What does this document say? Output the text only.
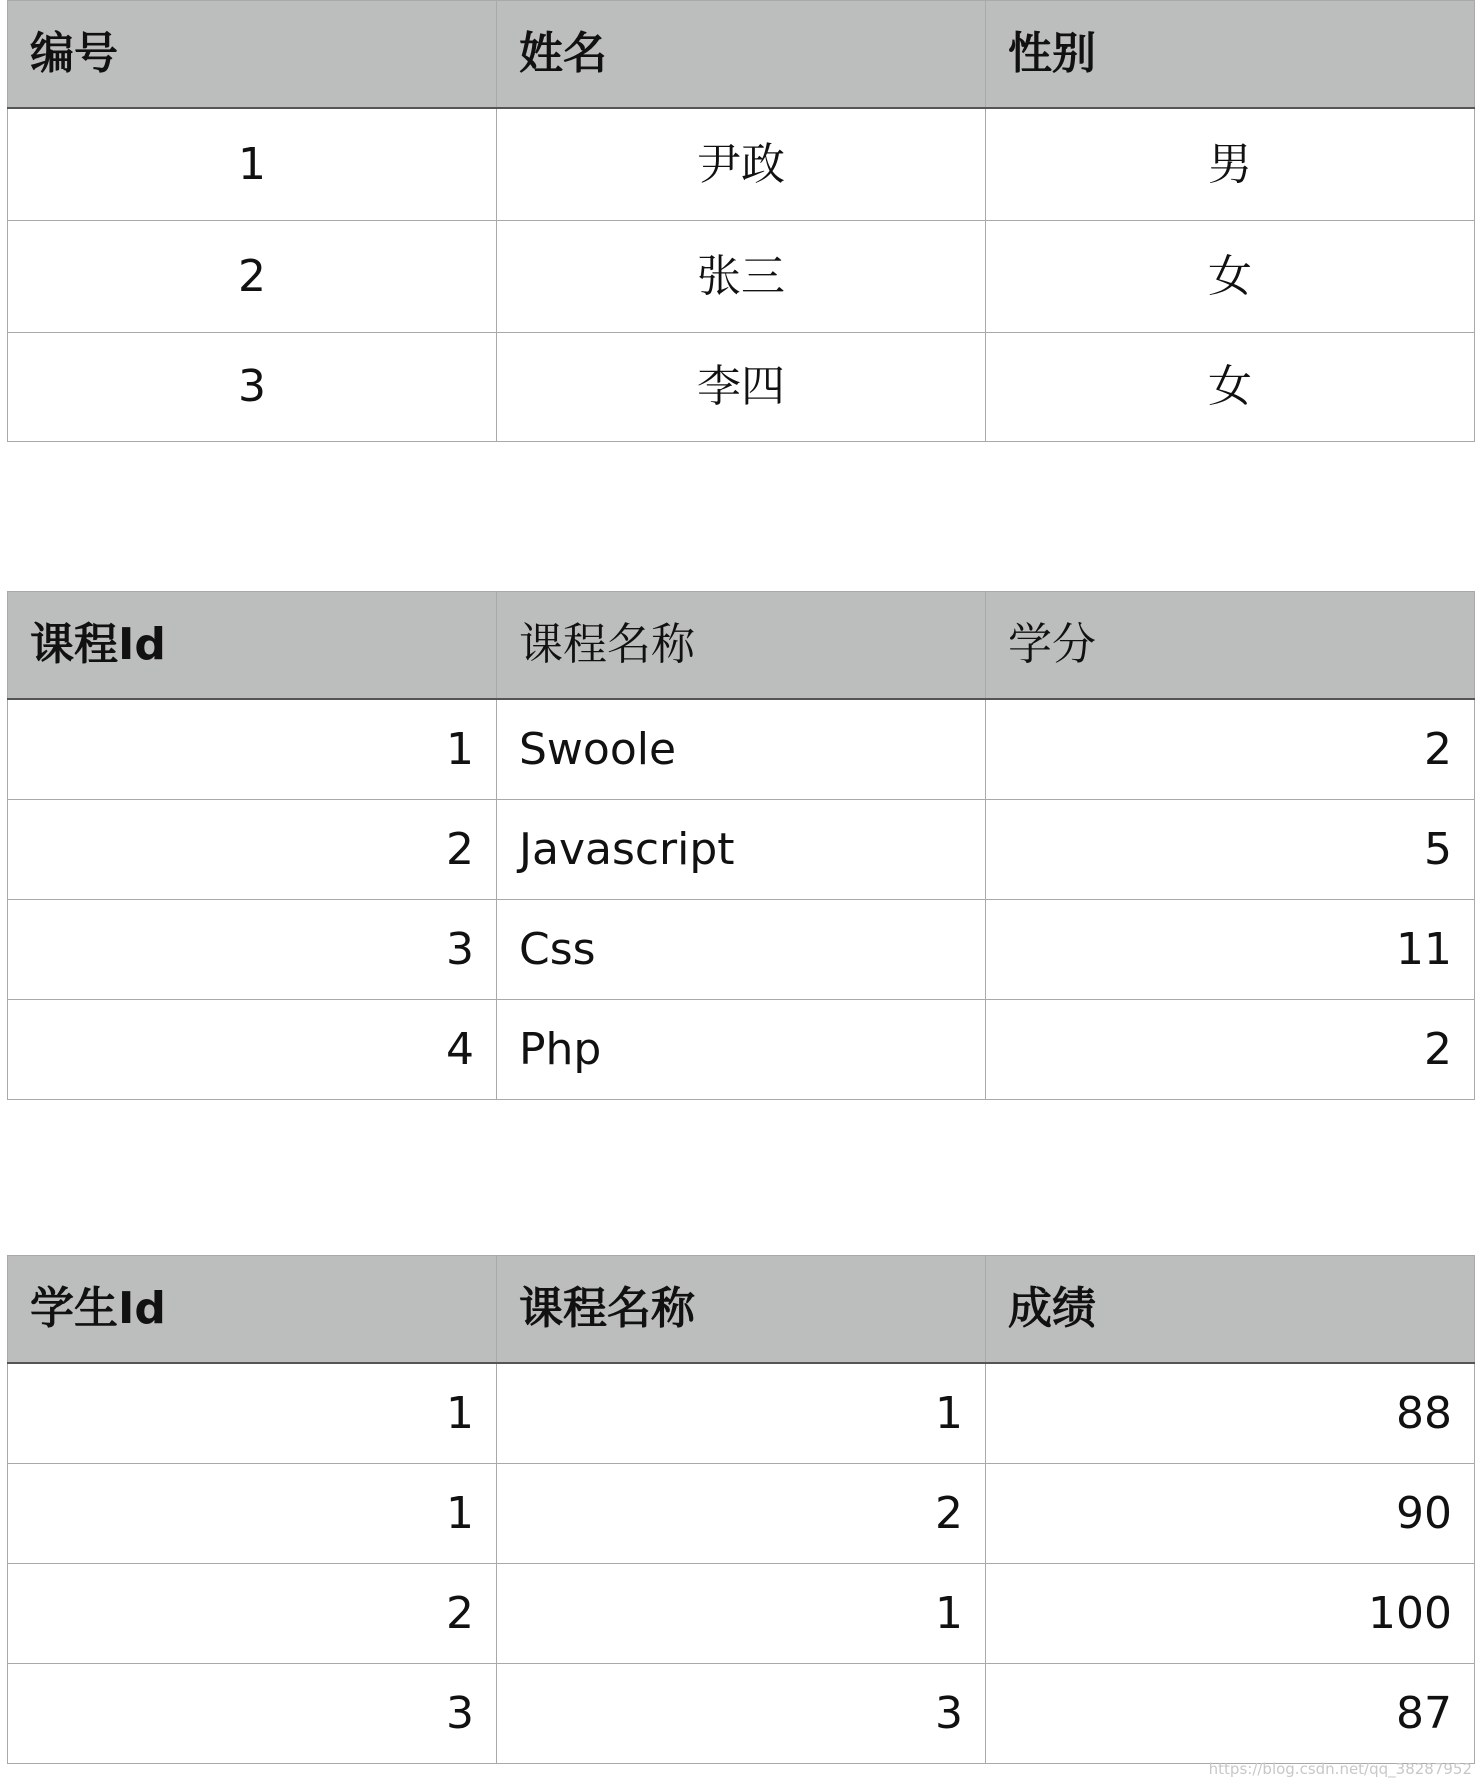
编号	姓名	性别
1	尹政	男
2	张三	女
3	李四	女
课程Id	课程名称	学分
1	Swoole	2
2	Javascript	5
3	Css	11
4	Php	2
学生Id	课程名称	成绩
1	1	88
1	2	90
2	1	100
3	3	87
https://blog.csdn.net/qq_38287952
